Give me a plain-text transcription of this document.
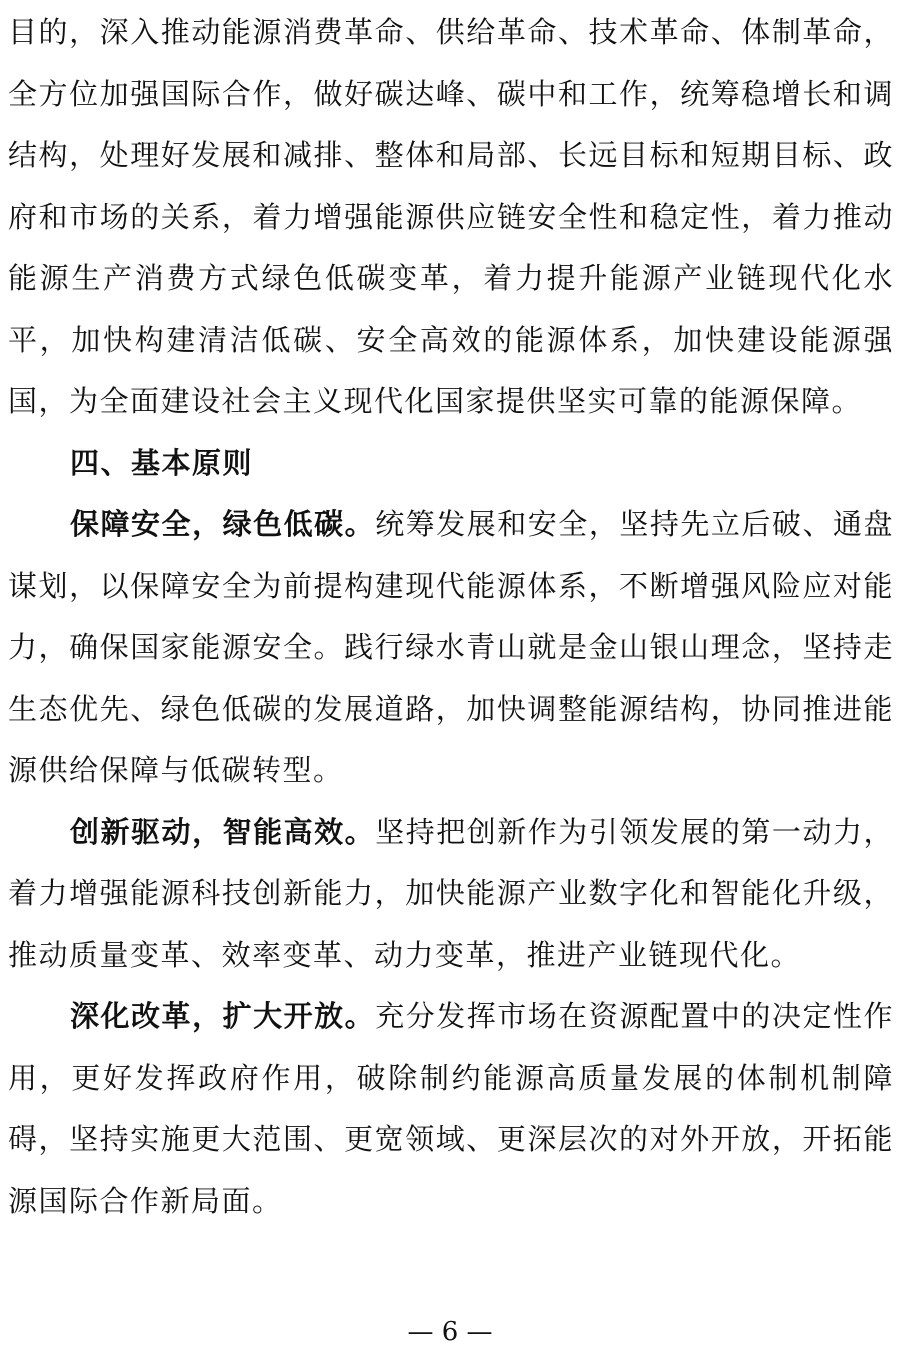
目的，深入推动能源消费革命、供给革命、技术革命、体制革命，全方位加强国际合作，做好碳达峰、碳中和工作，统筹稳增长和调结构，处理好发展和减排、整体和局部、长远目标和短期目标、政府和市场的关系，着力增强能源供应链安全性和稳定性，着力推动能源生产消费方式绿色低碳变革，着力提升能源产业链现代化水平，加快构建清洁低碳、安全高效的能源体系，加快建设能源强国，为全面建设社会主义现代化国家提供坚实可靠的能源保障。

四、基本原则

保障安全，绿色低碳。统筹发展和安全，坚持先立后破、通盘谋划，以保障安全为前提构建现代能源体系，不断增强风险应对能力，确保国家能源安全。践行绿水青山就是金山银山理念，坚持走生态优先、绿色低碳的发展道路，加快调整能源结构，协同推进能源供给保障与低碳转型。

创新驱动，智能高效。坚持把创新作为引领发展的第一动力，着力增强能源科技创新能力，加快能源产业数字化和智能化升级，推动质量变革、效率变革、动力变革，推进产业链现代化。

深化改革，扩大开放。充分发挥市场在资源配置中的决定性作用，更好发挥政府作用，破除制约能源高质量发展的体制机制障碍，坚持实施更大范围、更宽领域、更深层次的对外开放，开拓能源国际合作新局面。

— 6 —
